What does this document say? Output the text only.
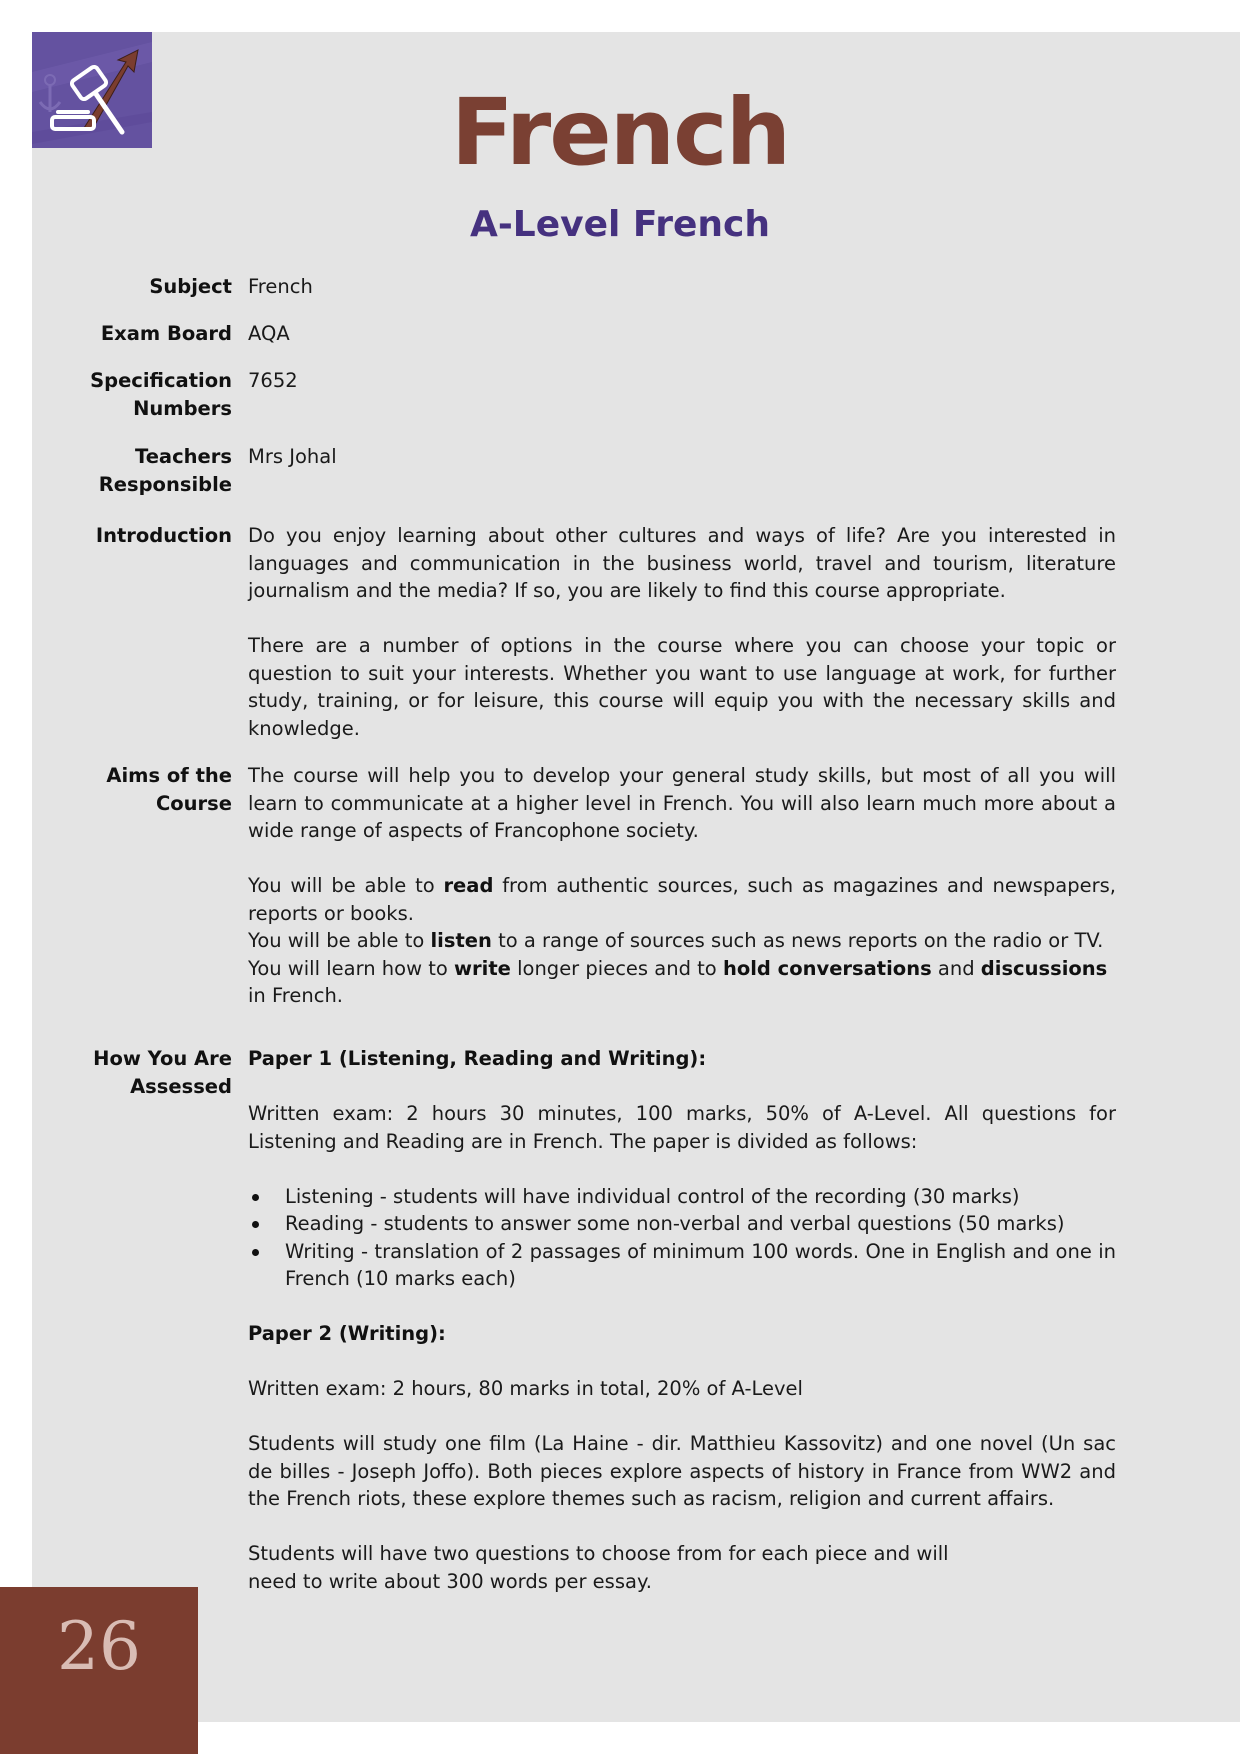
French
A-Level French
Subject French
Exam Board AQA
Specification
Numbers
7652
Teachers
Responsible
Mrs Johal
Introduction Do you enjoy learning about other cultures and ways of life? Are you interested in languages and communication in the business world, travel and tourism, literature journalism and the media? If so, you are likely to find this course appropriate.

There are a number of options in the course where you can choose your topic or question to suit your interests. Whether you want to use language at work, for further study, training, or for leisure, this course will equip you with the necessary skills and knowledge.

Aims of the
Course

The course will help you to develop your general study skills, but most of all you will learn to communicate at a higher level in French. You will also learn much more about a wide range of aspects of Francophone society.

You will be able to read from authentic sources, such as magazines and newspapers, reports or books.

You will be able to listen to a range of sources such as news reports on the radio or TV.

You will learn how to write longer pieces and to hold conversations and discussions in French.

How You Are
Assessed

Paper 1 (Listening, Reading and Writing):

Written exam: 2 hours 30 minutes, 100 marks, 50% of A-Level. All questions for Listening and Reading are in French. The paper is divided as follows:

Listening - students will have individual control of the recording (30 marks)
Reading - students to answer some non-verbal and verbal questions (50 marks)
Writing - translation of 2 passages of minimum 100 words. One in English and one in French (10 marks each)

Paper 2 (Writing):

Written exam: 2 hours, 80 marks in total, 20% of A-Level

Students will study one film (La Haine - dir. Matthieu Kassovitz) and one novel (Un sac de billes - Joseph Joffo). Both pieces explore aspects of history in France from WW2 and the French riots, these explore themes such as racism, religion and current affairs.

Students will have two questions to choose from for each piece and will

need to write about 300 words per essay.

26
